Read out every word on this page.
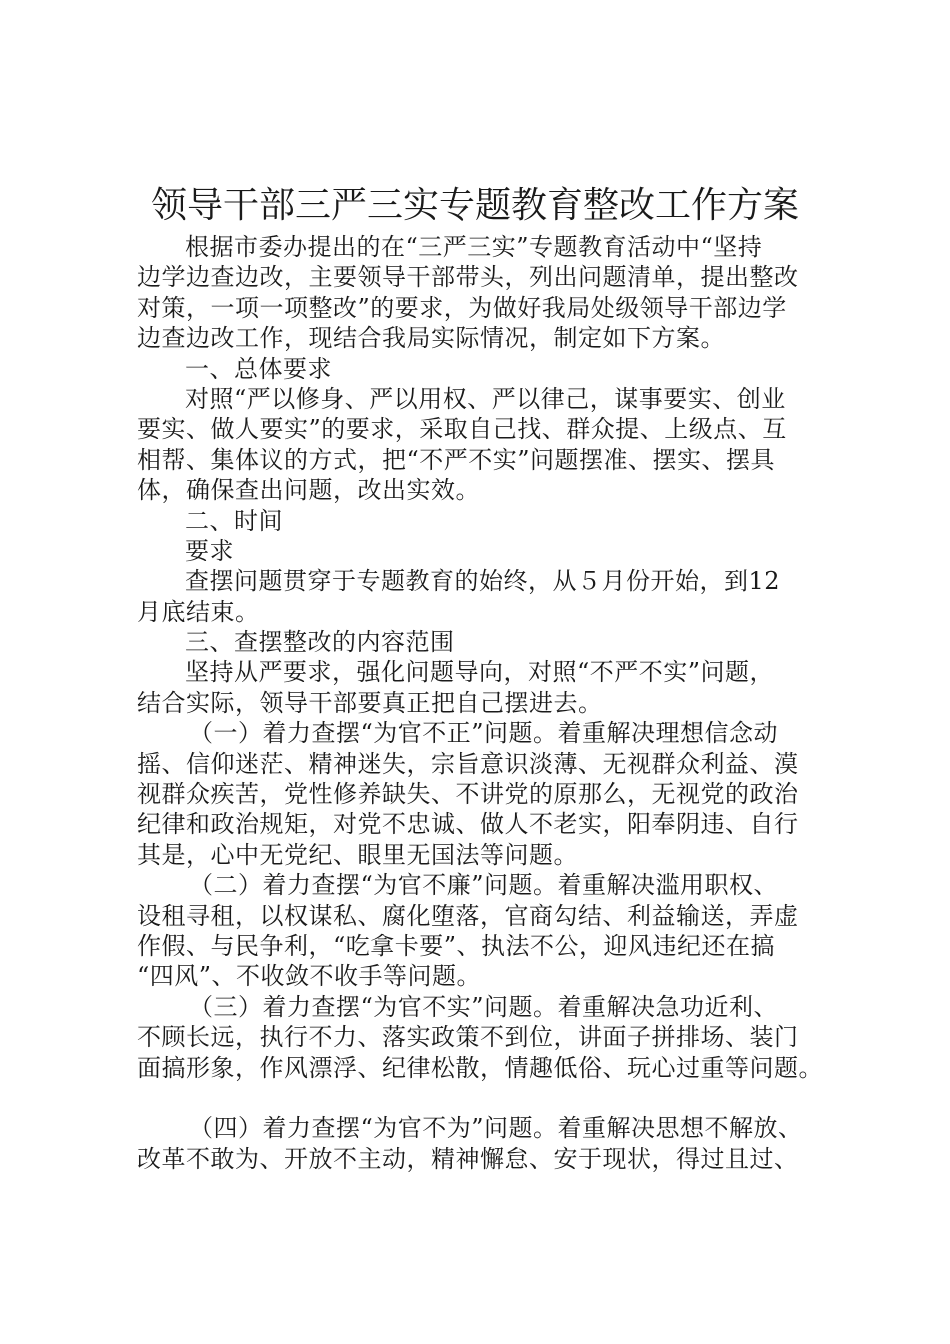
领导干部三严三实专题教育整改工作方案
根据市委办提出的在“三严三实”专题教育活动中“坚持
边学边查边改，主要领导干部带头，列出问题清单，提出整改
对策，一项一项整改”的要求，为做好我局处级领导干部边学
边查边改工作，现结合我局实际情况，制定如下方案。
一、总体要求
对照“严以修身、严以用权、严以律己，谋事要实、创业
要实、做人要实”的要求，采取自己找、群众提、上级点、互
相帮、集体议的方式，把“不严不实”问题摆准、摆实、摆具
体，确保查出问题，改出实效。
二、时间
要求
查摆问题贯穿于专题教育的始终，从５月份开始，到12
月底结束。
三、查摆整改的内容范围
坚持从严要求，强化问题导向，对照“不严不实”问题，
结合实际，领导干部要真正把自己摆进去。
（一）着力查摆“为官不正”问题。着重解决理想信念动
摇、信仰迷茫、精神迷失，宗旨意识淡薄、无视群众利益、漠
视群众疾苦，党性修养缺失、不讲党的原那么，无视党的政治
纪律和政治规矩，对党不忠诚、做人不老实，阳奉阴违、自行
其是，心中无党纪、眼里无国法等问题。
（二）着力查摆“为官不廉”问题。着重解决滥用职权、
设租寻租，以权谋私、腐化堕落，官商勾结、利益输送，弄虚
作假、与民争利，“吃拿卡要”、执法不公，迎风违纪还在搞
“四风”、不收敛不收手等问题。
（三）着力查摆“为官不实”问题。着重解决急功近利、
不顾长远，执行不力、落实政策不到位，讲面子拼排场、装门
面搞形象，作风漂浮、纪律松散，情趣低俗、玩心过重等问题。
（四）着力查摆“为官不为”问题。着重解决思想不解放、
改革不敢为、开放不主动，精神懈怠、安于现状，得过且过、
